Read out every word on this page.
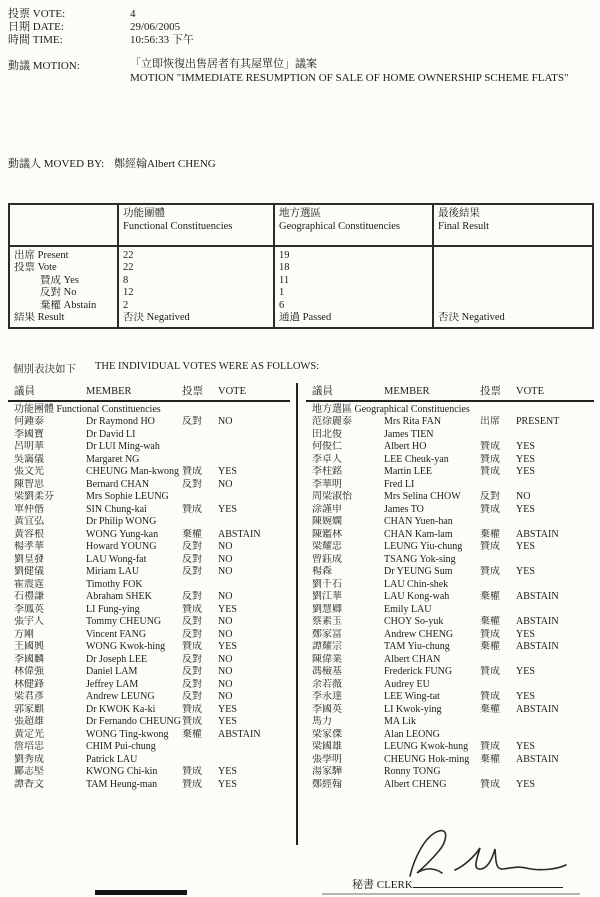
投票 VOTE:	4
日期 DATE:	29/06/2005
時間 TIME:	10:56:33 下午
動議 MOTION:	「立即恢復出售居者有其屋單位」議案
MOTION "IMMEDIATE RESUMPTION OF SALE OF HOME OWNERSHIP SCHEME FLATS"
動議人 MOVED BY: 鄭經翰Albert CHENG

功能團體
Functional Constituencies

地方選區
Geographical Constituencies

最後結果
Final Result

出席 Present	22	19	
投票 Vote	22	18	
贊成 Yes	8	11	
反對 No	12	1	
棄權 Abstain	2	6	
結果 Result	否決 Negatived	通過 Passed	否決 Negatived
個別表決如下 THE INDIVIDUAL VOTES WERE AS FOLLOWS:
議員	MEMBER	投票	VOTE
功能團體 Functional Constituencies
何鍾泰	Dr Raymond HO	反對	NO
李國寶	Dr David LI
呂明華	Dr LUI Ming-wah
吳靄儀	Margaret NG
張文光	CHEUNG Man-kwong 贊成	YES
陳智思	Bernard CHAN	反對	NO
梁劉柔芬	Mrs Sophie LEUNG
單仲偕	SIN Chung-kai	贊成	YES
黃宜弘	Dr Philip WONG
黃容根	WONG Yung-kan	棄權	ABSTAIN
楊孝華	Howard YOUNG	反對	NO
劉皇發	LAU Wong-fat	反對	NO
劉健儀	Miriam LAU	反對	NO
霍震霆	Timothy FOK
石禮謙	Abraham SHEK	反對	NO
李鳳英	LI Fung-ying	贊成	YES
張宇人	Tommy CHEUNG	反對	NO
方剛	Vincent FANG	反對	NO
王國興	WONG Kwok-hing	贊成	YES
李國麟	Dr Joseph LEE	反對	NO
林偉強	Daniel LAM	反對	NO
林健鋒	Jeffrey LAM	反對	NO
梁君彥	Andrew LEUNG	反對	NO
郭家麒	Dr KWOK Ka-ki	贊成	YES
張超雄	Dr Fernando CHEUNG 贊成	YES
黃定光	WONG Ting-kwong	棄權	ABSTAIN
詹培忠	CHIM Pui-chung
劉秀成	Patrick LAU
鄺志堅	KWONG Chi-kin	贊成	YES
譚香文	TAM Heung-man	贊成	YES
議員	MEMBER	投票	VOTE
地方選區 Geographical Constituencies
范徐麗泰	Mrs Rita FAN	出席	PRESENT
田北俊	James TIEN
何俊仁	Albert HO	贊成	YES
李卓人	LEE Cheuk-yan	贊成	YES
李柱銘	Martin LEE	贊成	YES
李華明	Fred LI
周梁淑怡	Mrs Selina CHOW	反對	NO
涂謹申	James TO	贊成	YES
陳婉嫻	CHAN Yuen-han
陳鑑林	CHAN Kam-lam	棄權	ABSTAIN
梁耀忠	LEUNG Yiu-chung	贊成	YES
曾鈺成	TSANG Yok-sing
楊森	Dr YEUNG Sum	贊成	YES
劉千石	LAU Chin-shek
劉江華	LAU Kong-wah	棄權	ABSTAIN
劉慧卿	Emily LAU
蔡素玉	CHOY So-yuk	棄權	ABSTAIN
鄭家富	Andrew CHENG	贊成	YES
譚耀宗	TAM Yiu-chung	棄權	ABSTAIN
陳偉業	Albert CHAN
馮檢基	Frederick FUNG	贊成	YES
余若薇	Audrey EU
李永達	LEE Wing-tat	贊成	YES
李國英	LI Kwok-ying	棄權	ABSTAIN
馬力	MA Lik
梁家傑	Alan LEONG
梁國雄	LEUNG Kwok-hung	贊成	YES
張學明	CHEUNG Hok-ming	棄權	ABSTAIN
湯家驊	Ronny TONG
鄭經翰	Albert CHENG	贊成	YES
秘書 CLERK
